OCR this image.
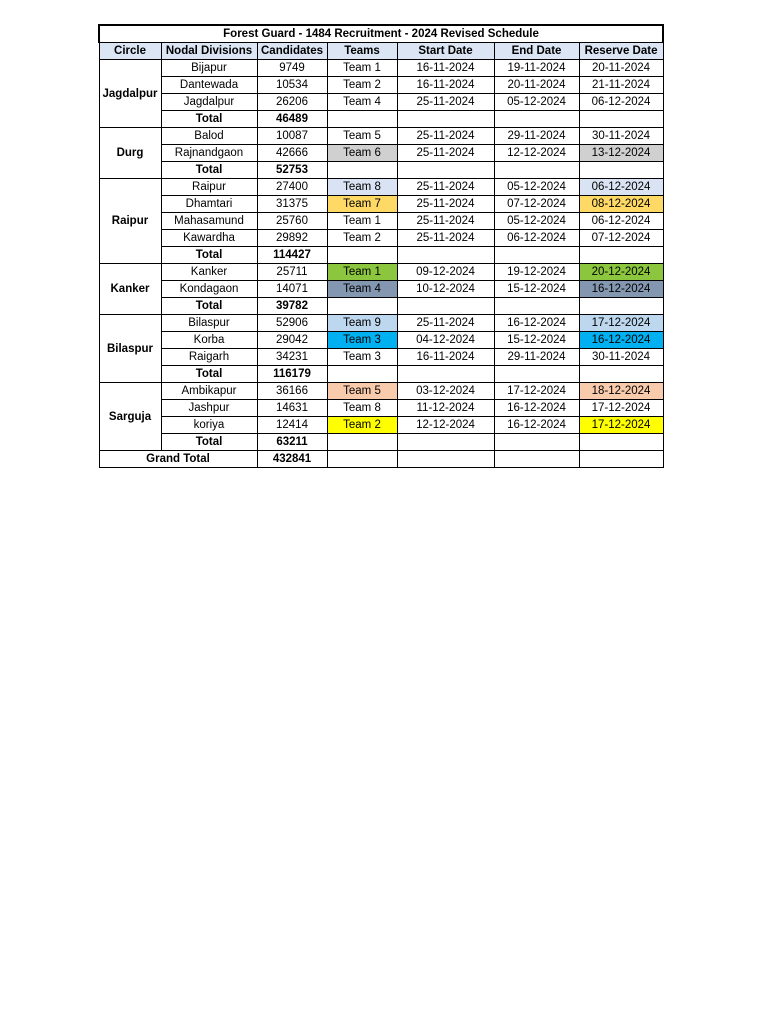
Forest Guard - 1484 Recruitment - 2024 Revised Schedule						
Circle	Nodal Divisions	Candidates	Teams	Start Date	End Date	Reserve Date
Jagdalpur	Bijapur	9749	Team 1	16-11-2024	19-11-2024	20-11-2024
	Dantewada	10534	Team 2	16-11-2024	20-11-2024	21-11-2024
	Jagdalpur	26206	Team 4	25-11-2024	05-12-2024	06-12-2024
	Total	46489				
Durg	Balod	10087	Team 5	25-11-2024	29-11-2024	30-11-2024
	Rajnandgaon	42666	Team 6	25-11-2024	12-12-2024	13-12-2024
	Total	52753				
Raipur	Raipur	27400	Team 8	25-11-2024	05-12-2024	06-12-2024
	Dhamtari	31375	Team 7	25-11-2024	07-12-2024	08-12-2024
	Mahasamund	25760	Team 1	25-11-2024	05-12-2024	06-12-2024
	Kawardha	29892	Team 2	25-11-2024	06-12-2024	07-12-2024
	Total	114427				
Kanker	Kanker	25711	Team 1	09-12-2024	19-12-2024	20-12-2024
	Kondagaon	14071	Team 4	10-12-2024	15-12-2024	16-12-2024
	Total	39782				
Bilaspur	Bilaspur	52906	Team 9	25-11-2024	16-12-2024	17-12-2024
	Korba	29042	Team 3	04-12-2024	15-12-2024	16-12-2024
	Raigarh	34231	Team 3	16-11-2024	29-11-2024	30-11-2024
	Total	116179				
Sarguja	Ambikapur	36166	Team 5	03-12-2024	17-12-2024	18-12-2024
	Jashpur	14631	Team 8	11-12-2024	16-12-2024	17-12-2024
	koriya	12414	Team 2	12-12-2024	16-12-2024	17-12-2024
	Total	63211				
Grand Total		432841				
